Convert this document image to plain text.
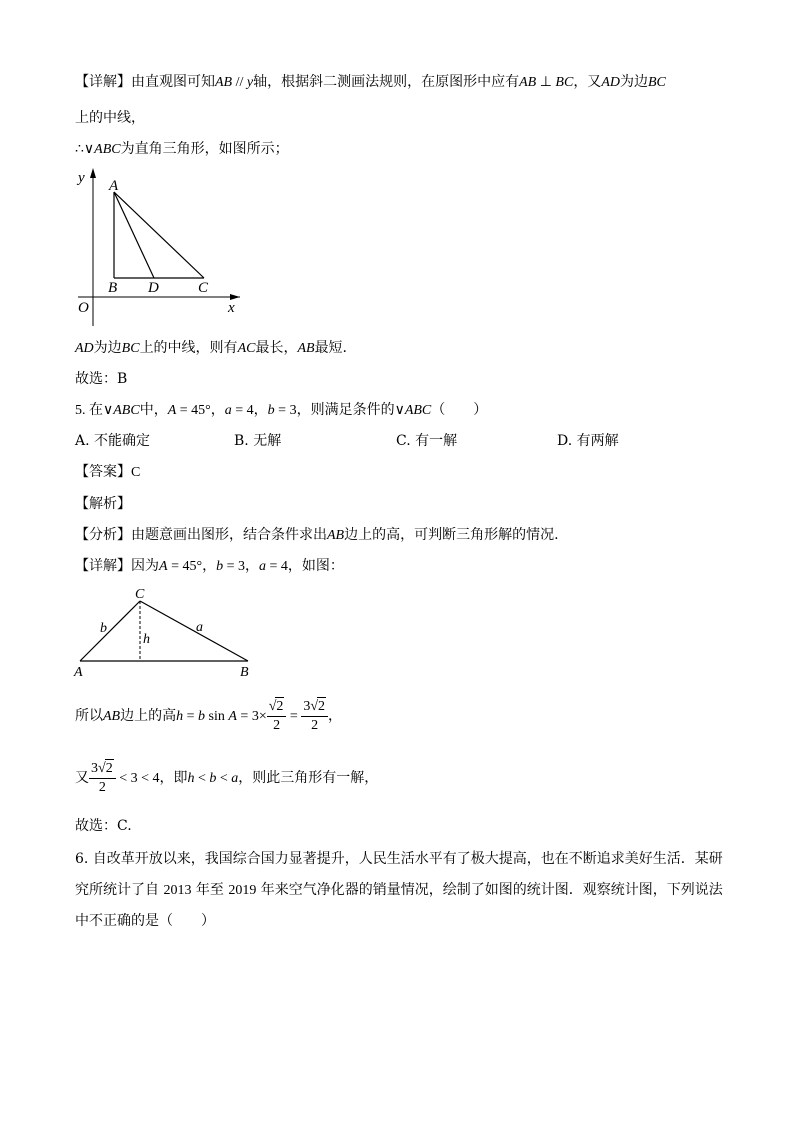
【详解】由直观图可知AB // y轴，根据斜二测画法规则，在原图形中应有AB ⊥ BC，又AD为边BC
上的中线，
∴∨ABC为直角三角形，如图所示；
y A
B D	C
O	x
AD为边BC上的中线，则有AC最长，AB最短.
故选：B
5. 在∨ABC中，A = 45°，a = 4，b = 3，则满足条件的∨ABC（　　）
A. 不能确定	B. 无解	C. 有一解	D. 有两解
【答案】C
【解析】
【分析】由题意画出图形，结合条件求出AB边上的高，可判断三角形解的情况.
【详解】因为A = 45°，b = 3，a = 4，如图：
C
A	B
b	a
h
所以AB边上的高h = b $\sin A = 3\times \frac{√2}{2} = \frac{3√2}{2}$ ，
又 $\frac{3√2}{2} < 3 < 4$，即h < b < a，则此三角形有一解，
故选：C.
6. 自改革开放以来，我国综合国力显著提升，人民生活水平有了极大提高，也在不断追求美好生活．某研
究所统计了自 2013 年至 2019 年来空气净化器的销量情况，绘制了如图的统计图．观察统计图，下列说法
中不正确的是（　　）
